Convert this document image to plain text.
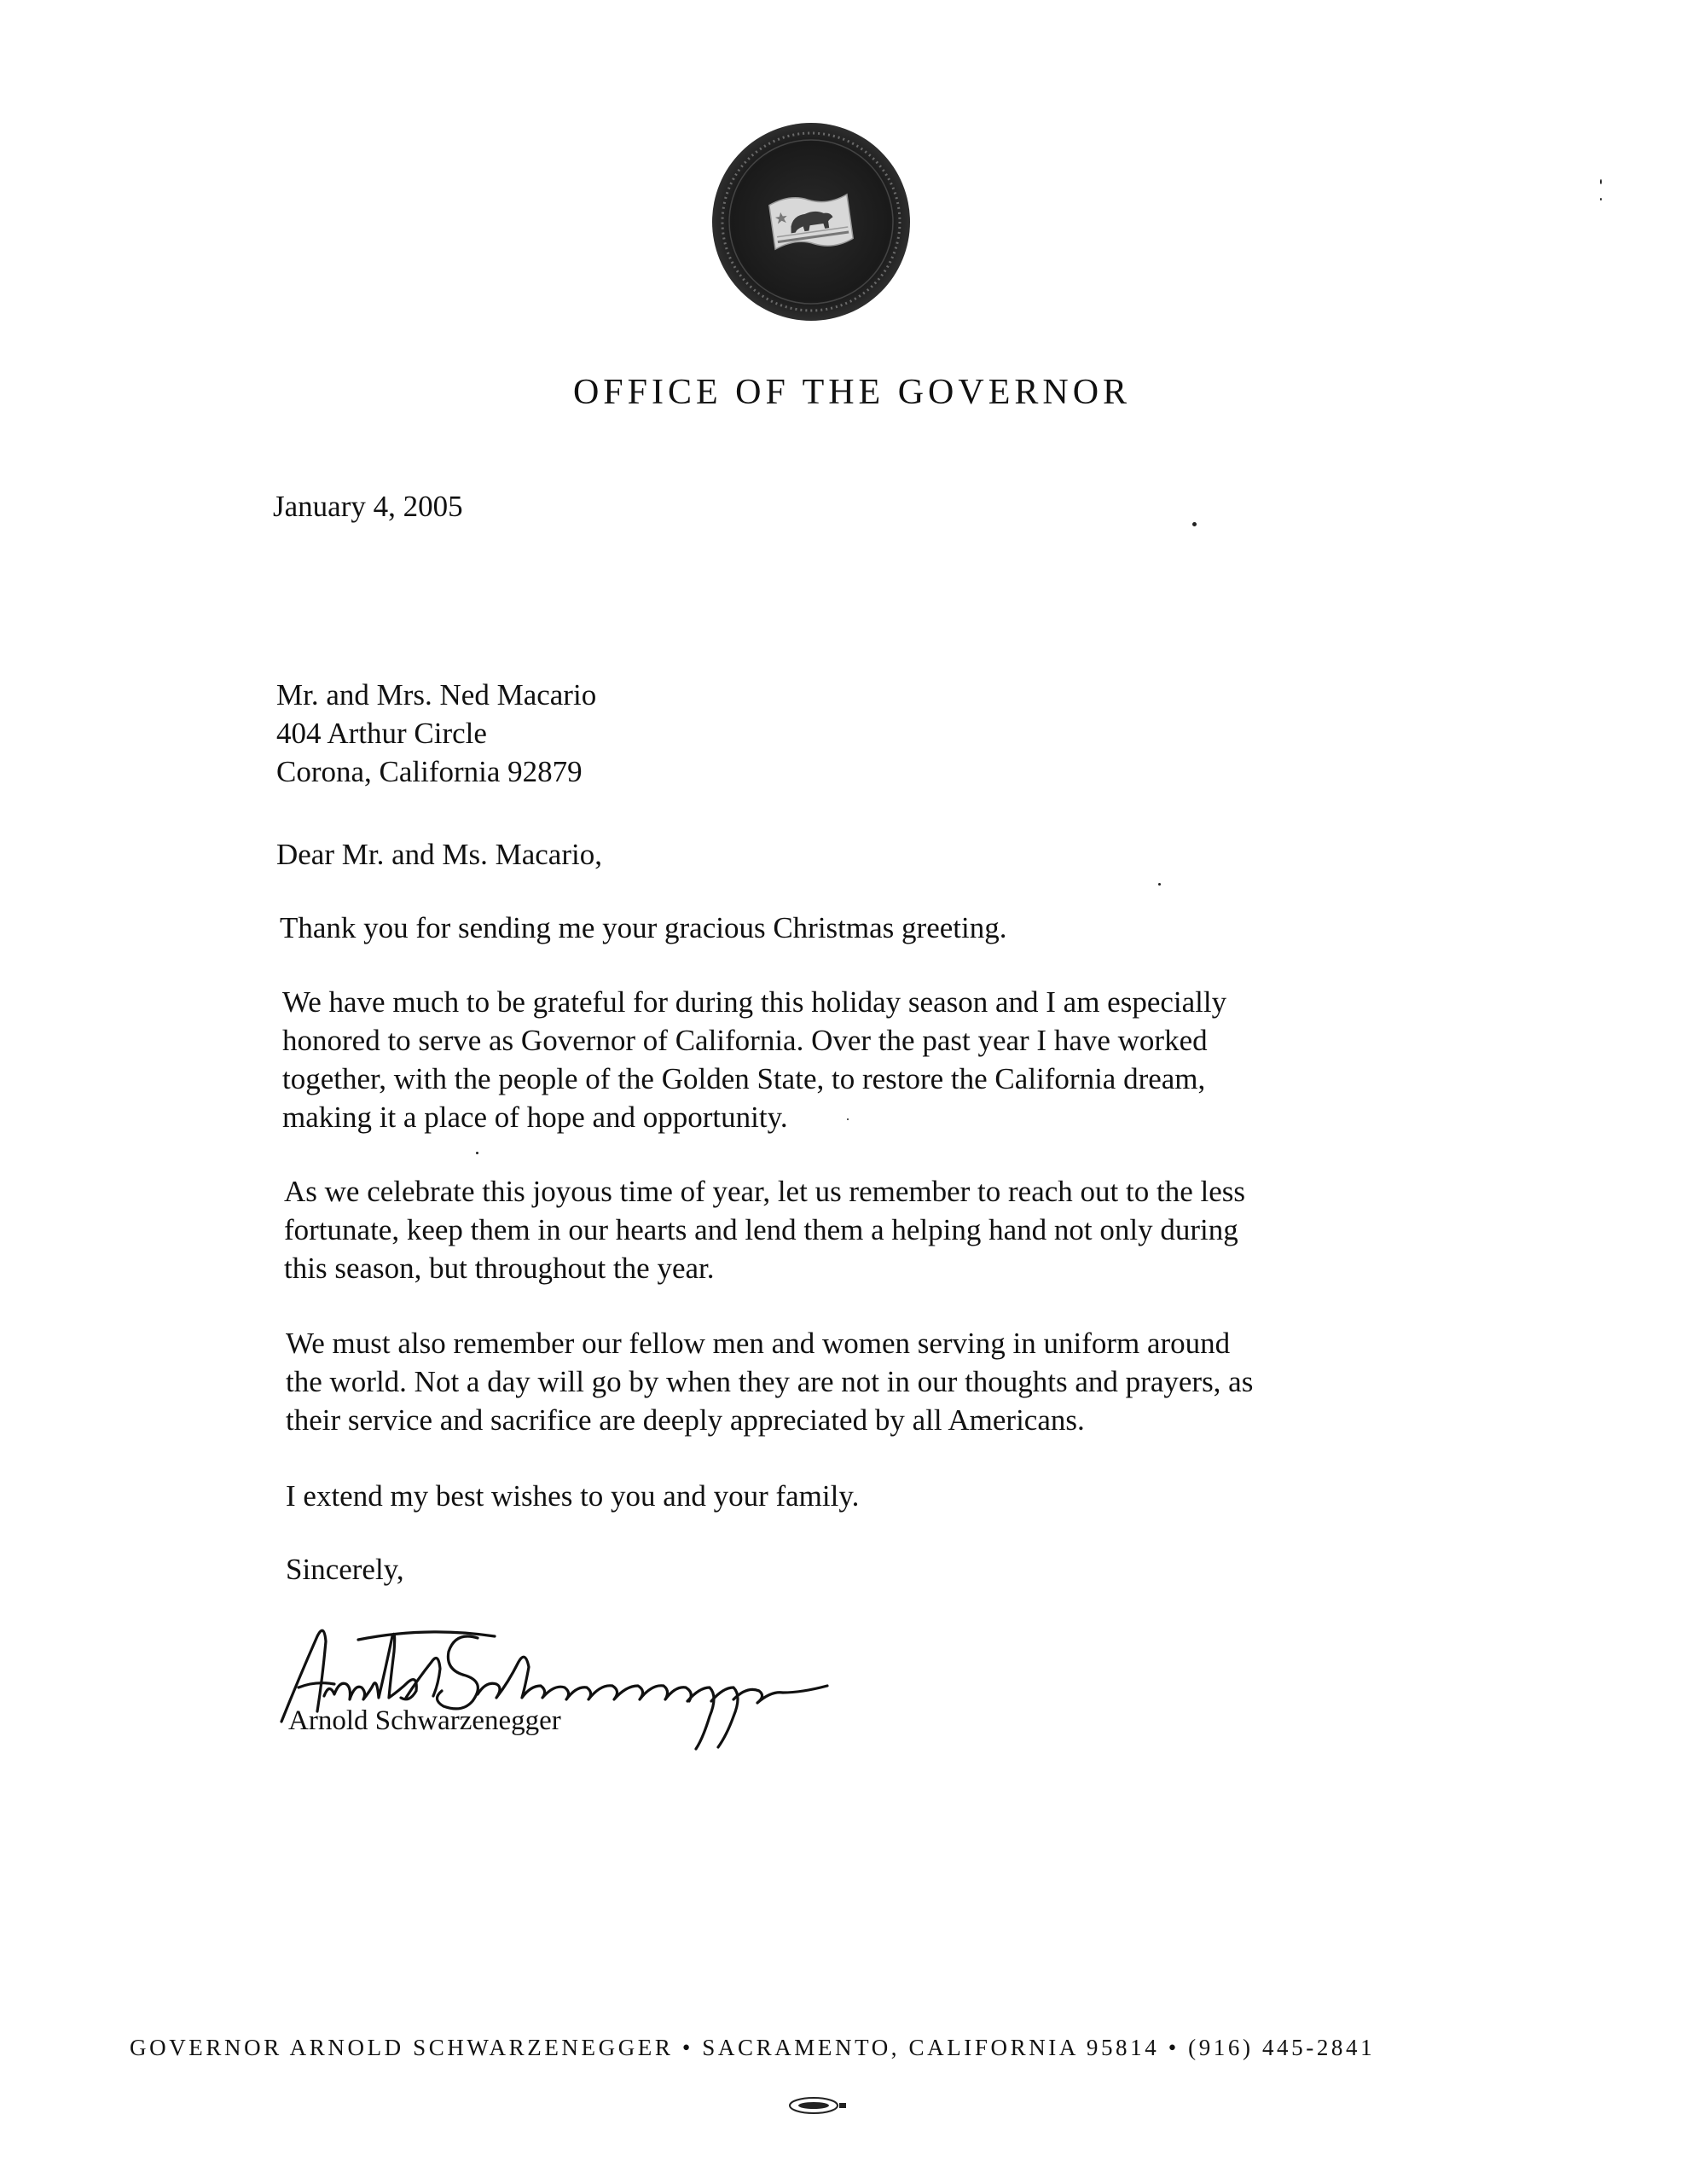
OFFICE OF THE GOVERNOR
January 4, 2005
Mr. and Mrs. Ned Macario
404 Arthur Circle
Corona, California 92879
Dear Mr. and Ms. Macario,
Thank you for sending me your gracious Christmas greeting.
We have much to be grateful for during this holiday season and I am especially
honored to serve as Governor of California. Over the past year I have worked
together, with the people of the Golden State, to restore the California dream,
making it a place of hope and opportunity.
As we celebrate this joyous time of year, let us remember to reach out to the less
fortunate, keep them in our hearts and lend them a helping hand not only during
this season, but throughout the year.
We must also remember our fellow men and women serving in uniform around
the world. Not a day will go by when they are not in our thoughts and prayers, as
their service and sacrifice are deeply appreciated by all Americans.
I extend my best wishes to you and your family.
Sincerely,
Arnold Schwarzenegger
GOVERNOR ARNOLD SCHWARZENEGGER • SACRAMENTO, CALIFORNIA 95814 • (916) 445-2841
